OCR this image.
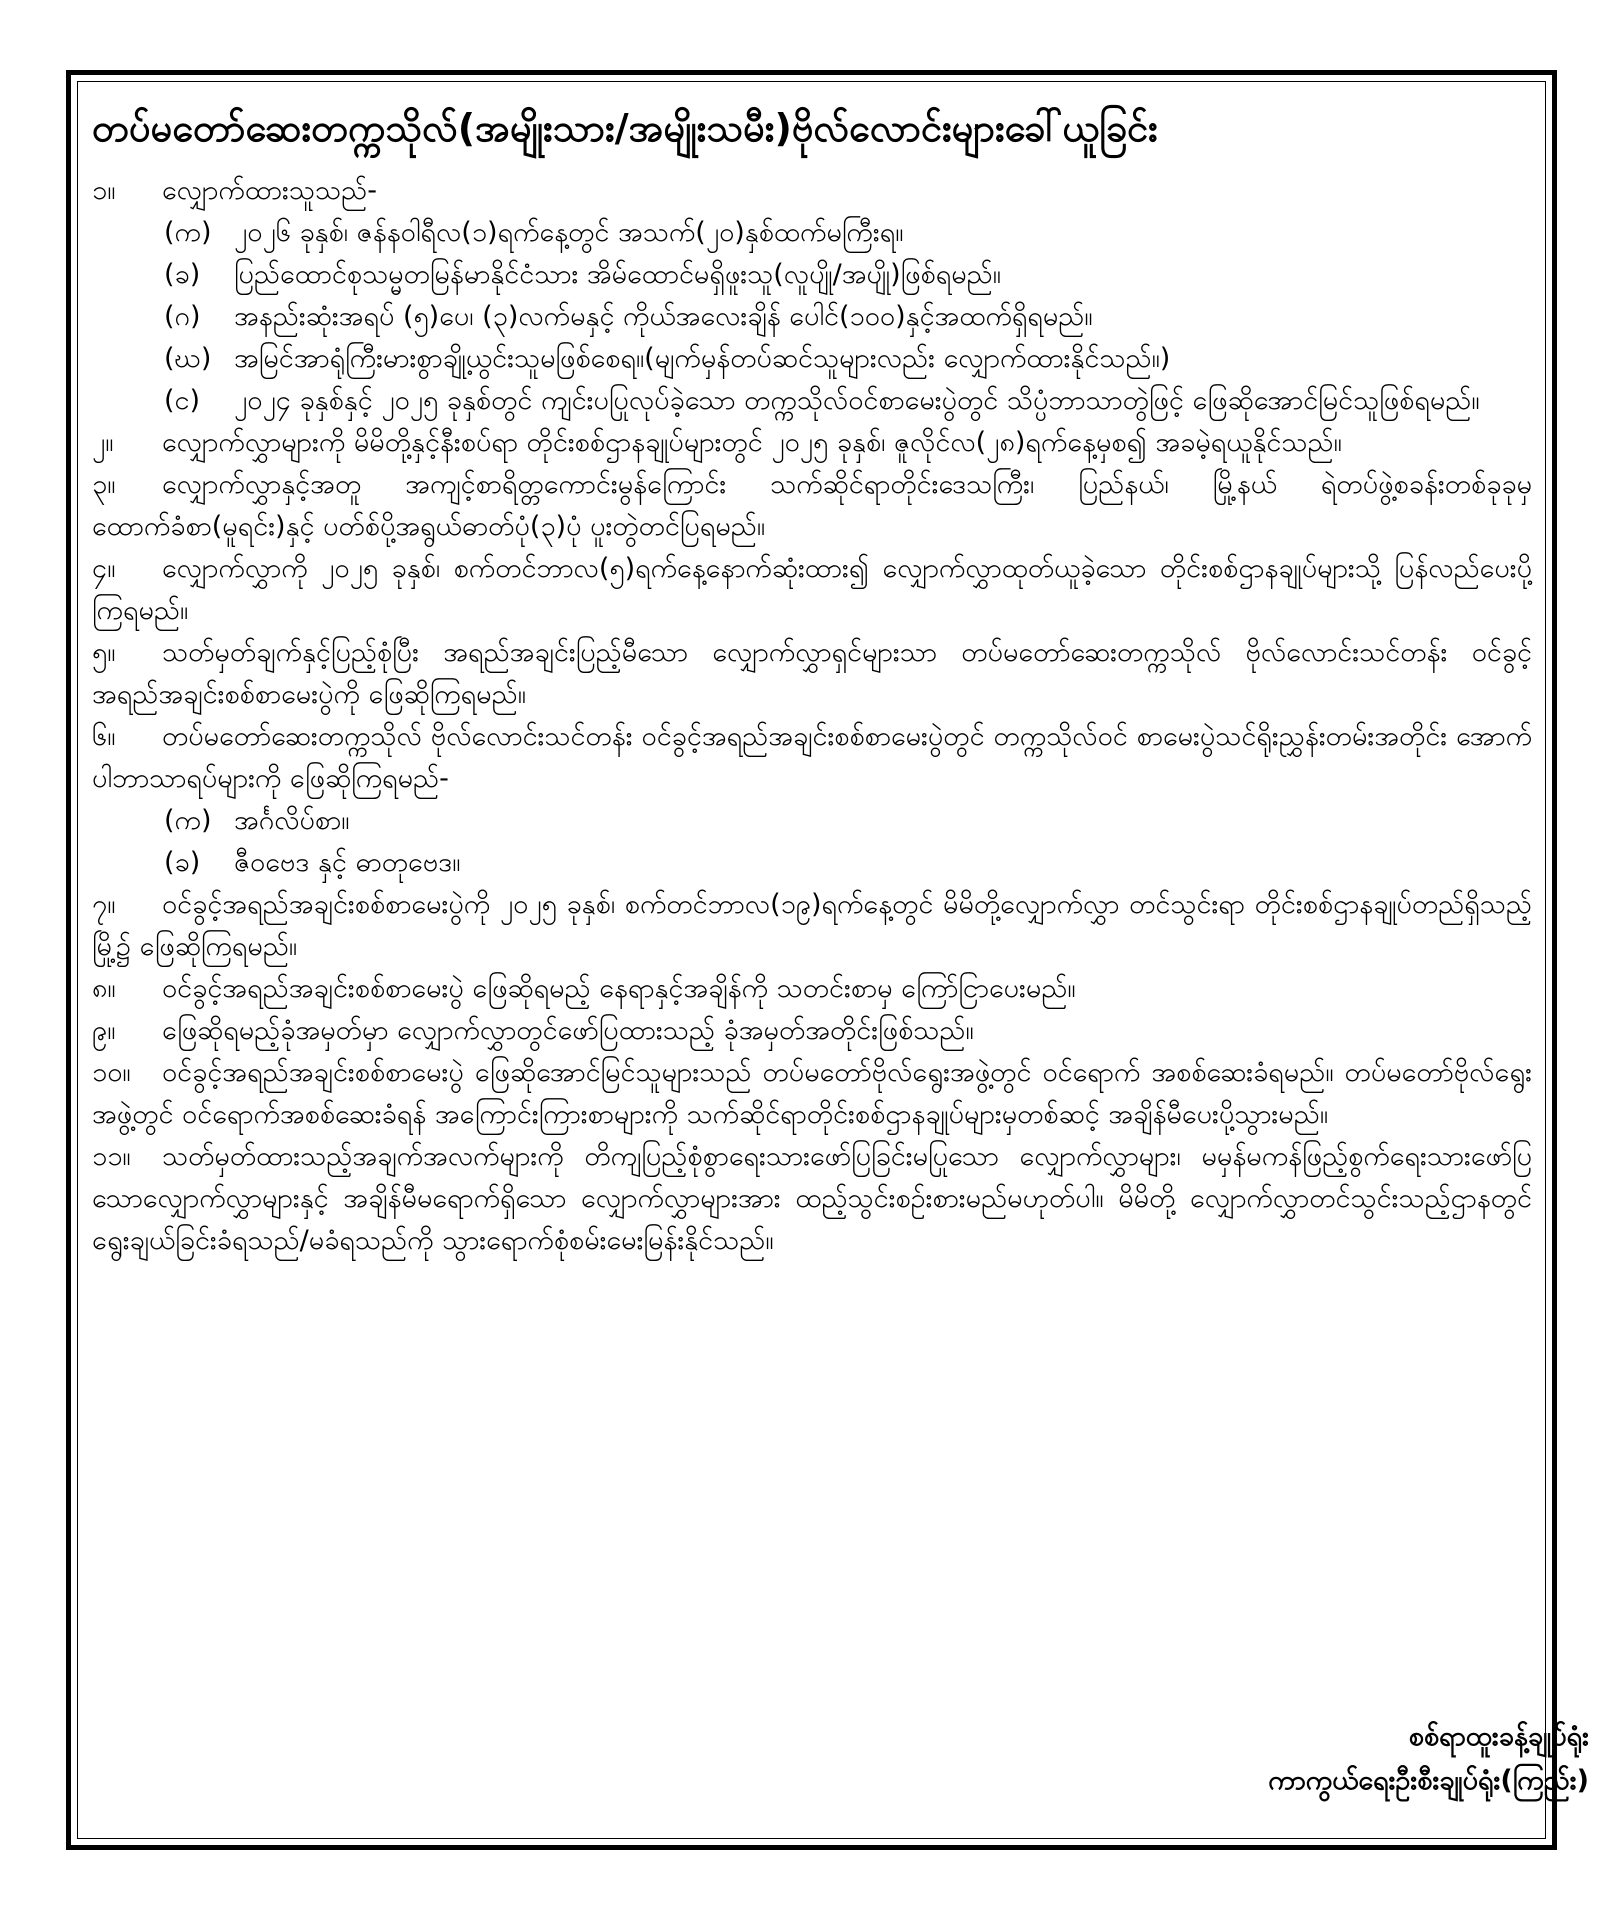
တပ်မတော်ဆေးတက္ကသိုလ်(အမျိုးသား/အမျိုးသမီး)ဗိုလ်လောင်းများခေါ်ယူခြင်း

၁။ လျှောက်ထားသူသည်-

(က) ၂၀၂၆ ခုနှစ်၊ ဇန်နဝါရီလ(၁)ရက်နေ့တွင် အသက်(၂၀)နှစ်ထက်မကြီးရ။

(ခ) ပြည်ထောင်စုသမ္မတမြန်မာနိုင်ငံသား အိမ်ထောင်မရှိဖူးသူ(လူပျို/အပျို)ဖြစ်ရမည်။

(ဂ) အနည်းဆုံးအရပ် (၅)ပေ၊ (၃)လက်မနှင့် ကိုယ်အလေးချိန် ပေါင်(၁၀၀)နှင့်အထက်ရှိရမည်။

(ဃ) အမြင်အာရုံကြီးမားစွာချို့ယွင်းသူမဖြစ်စေရ။(မျက်မှန်တပ်ဆင်သူများလည်း လျှောက်ထားနိုင်သည်။)

(င) ၂၀၂၄ ခုနှစ်နှင့် ၂၀၂၅ ခုနှစ်တွင် ကျင်းပပြုလုပ်ခဲ့သော တက္ကသိုလ်ဝင်စာမေးပွဲတွင် သိပ္ပံဘာသာတွဲဖြင့် ဖြေဆိုအောင်မြင်သူဖြစ်ရမည်။

၂။ လျှောက်လွှာများကို မိမိတို့နှင့်နီးစပ်ရာ တိုင်းစစ်ဌာနချုပ်များတွင် ၂၀၂၅ ခုနှစ်၊ ဇူလိုင်လ(၂၈)ရက်နေ့မှစ၍ အခမဲ့ရယူနိုင်သည်။

၃။ လျှောက်လွှာနှင့်အတူ အကျင့်စာရိတ္တကောင်းမွန်ကြောင်း သက်ဆိုင်ရာတိုင်းဒေသကြီး၊ ပြည်နယ်၊ မြို့နယ် ရဲတပ်ဖွဲ့စခန်းတစ်ခုခုမှ ထောက်ခံစာ(မူရင်း)နှင့် ပတ်စ်ပို့အရွယ်ဓာတ်ပုံ(၃)ပုံ ပူးတွဲတင်ပြရမည်။

၄။ လျှောက်လွှာကို ၂၀၂၅ ခုနှစ်၊ စက်တင်ဘာလ(၅)ရက်နေ့နောက်ဆုံးထား၍ လျှောက်လွှာထုတ်ယူခဲ့သော တိုင်းစစ်ဌာနချုပ်များသို့ ပြန်လည်ပေးပို့ကြရမည်။

၅။ သတ်မှတ်ချက်နှင့်ပြည့်စုံပြီး အရည်အချင်းပြည့်မီသော လျှောက်လွှာရှင်များသာ တပ်မတော်ဆေးတက္ကသိုလ် ဗိုလ်လောင်းသင်တန်း ဝင်ခွင့်အရည်အချင်းစစ်စာမေးပွဲကို ဖြေဆိုကြရမည်။

၆။ တပ်မတော်ဆေးတက္ကသိုလ် ဗိုလ်လောင်းသင်တန်း ဝင်ခွင့်အရည်အချင်းစစ်စာမေးပွဲတွင် တက္ကသိုလ်ဝင် စာမေးပွဲသင်ရိုးညွှန်းတမ်းအတိုင်း အောက်ပါဘာသာရပ်များကို ဖြေဆိုကြရမည်-

(က) အင်္ဂလိပ်စာ။

(ခ) ဇီဝဗေဒ နှင့် ဓာတုဗေဒ။

၇။ ဝင်ခွင့်အရည်အချင်းစစ်စာမေးပွဲကို ၂၀၂၅ ခုနှစ်၊ စက်တင်ဘာလ(၁၉)ရက်နေ့တွင် မိမိတို့လျှောက်လွှာ တင်သွင်းရာ တိုင်းစစ်ဌာနချုပ်တည်ရှိသည့်မြို့၌ ဖြေဆိုကြရမည်။

၈။ ဝင်ခွင့်အရည်အချင်းစစ်စာမေးပွဲ ဖြေဆိုရမည့် နေရာနှင့်အချိန်ကို သတင်းစာမှ ကြော်ငြာပေးမည်။

၉။ ဖြေဆိုရမည့်ခုံအမှတ်မှာ လျှောက်လွှာတွင်ဖော်ပြထားသည့် ခုံအမှတ်အတိုင်းဖြစ်သည်။

၁၀။ ဝင်ခွင့်အရည်အချင်းစစ်စာမေးပွဲ ဖြေဆိုအောင်မြင်သူများသည် တပ်မတော်ဗိုလ်ရွေးအဖွဲ့တွင် ဝင်ရောက် အစစ်ဆေးခံရမည်။ တပ်မတော်ဗိုလ်ရွေးအဖွဲ့တွင် ဝင်ရောက်အစစ်ဆေးခံရန် အကြောင်းကြားစာများကို သက်ဆိုင်ရာတိုင်းစစ်ဌာနချုပ်များမှတစ်ဆင့် အချိန်မီပေးပို့သွားမည်။

၁၁။ သတ်မှတ်ထားသည့်အချက်အလက်များကို တိကျပြည့်စုံစွာရေးသားဖော်ပြခြင်းမပြုသော လျှောက်လွှာများ၊ မမှန်မကန်ဖြည့်စွက်ရေးသားဖော်ပြသောလျှောက်လွှာများနှင့် အချိန်မီမရောက်ရှိသော လျှောက်လွှာများအား ထည့်သွင်းစဉ်းစားမည်မဟုတ်ပါ။ မိမိတို့ လျှောက်လွှာတင်သွင်းသည့်ဌာနတွင် ရွေးချယ်ခြင်းခံရသည်/မခံရသည်ကို သွားရောက်စုံစမ်းမေးမြန်းနိုင်သည်။

စစ်ရာထူးခန့်ချုပ်ရုံး
ကာကွယ်ရေးဦးစီးချုပ်ရုံး(ကြည်း)
